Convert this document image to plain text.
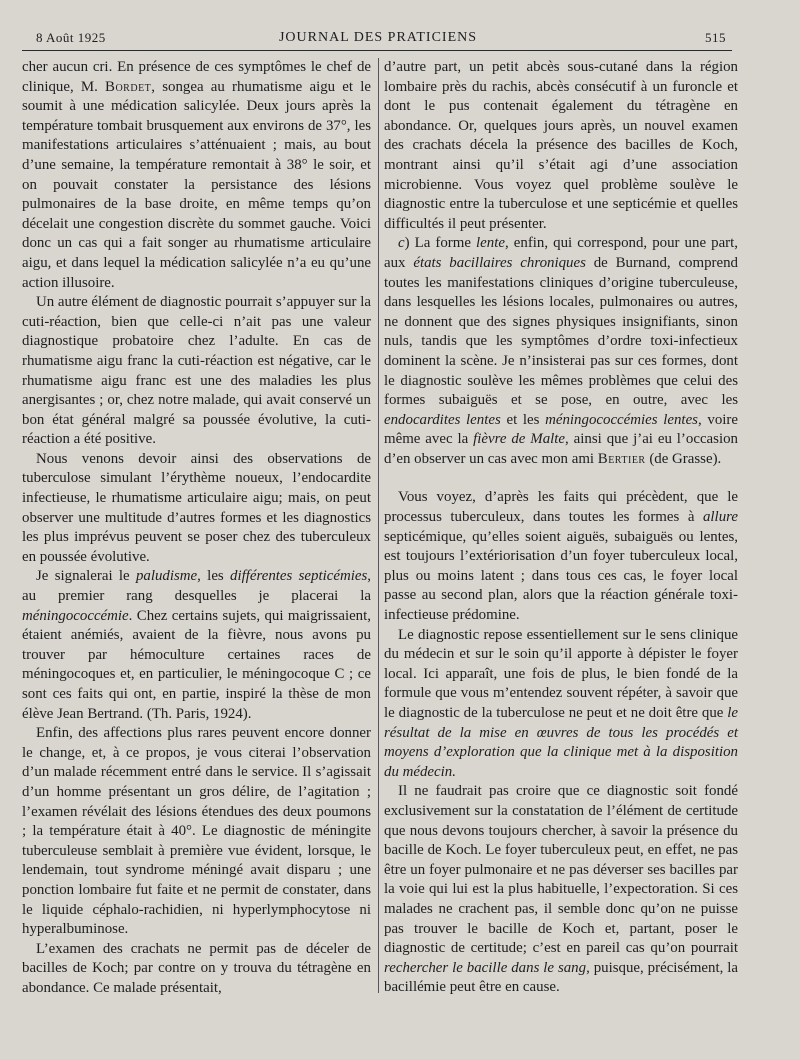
8 Août 1925	JOURNAL DES PRATICIENS	515

cher aucun cri. En présence de ces symptômes le chef de clinique, M. Bordet, songea au rhumatisme aigu et le soumit à une médication salicylée. Deux jours après la température tombait brusquement aux environs de 37°, les manifestations articulaires s’atténuaient ; mais, au bout d’une semaine, la température remontait à 38° le soir, et on pouvait constater la persistance des lésions pulmonaires de la base droite, en même temps qu’on décelait une congestion discrète du sommet gauche. Voici donc un cas qui a fait songer au rhumatisme articulaire aigu, et dans lequel la médication salicylée n’a eu qu’une action illusoire.

Un autre élément de diagnostic pourrait s’appuyer sur la cuti-réaction, bien que celle-ci n’ait pas une valeur diagnostique probatoire chez l’adulte. En cas de rhumatisme aigu franc la cuti-réaction est négative, car le rhumatisme aigu franc est une des maladies les plus anergisantes ; or, chez notre malade, qui avait conservé un bon état général malgré sa poussée évolutive, la cuti-réaction a été positive.

Nous venons devoir ainsi des observations de tuberculose simulant l’érythème noueux, l’endocardite infectieuse, le rhumatisme articulaire aigu; mais, on peut observer une multitude d’autres formes et les diagnostics les plus imprévus peuvent se poser chez des tuberculeux en poussée évolutive.

Je signalerai le paludisme, les différentes septicémies, au premier rang desquelles je placerai la méningococcémie. Chez certains sujets, qui maigrissaient, étaient anémiés, avaient de la fièvre, nous avons pu trouver par hémoculture certaines races de méningocoques et, en particulier, le méningocoque C ; ce sont ces faits qui ont, en partie, inspiré la thèse de mon élève Jean Bertrand. (Th. Paris, 1924).

Enfin, des affections plus rares peuvent encore donner le change, et, à ce propos, je vous citerai l’observation d’un malade récemment entré dans le service. Il s’agissait d’un homme présentant un gros délire, de l’agitation ; l’examen révélait des lésions étendues des deux poumons ; la température était à 40°. Le diagnostic de méningite tuberculeuse semblait à première vue évident, lorsque, le lendemain, tout syndrome méningé avait disparu ; une ponction lombaire fut faite et ne permit de constater, dans le liquide céphalo-rachidien, ni hyperlymphocytose ni hyperalbuminose.

L’examen des crachats ne permit pas de déceler de bacilles de Koch; par contre on y trouva du tétragène en abondance. Ce malade présentait,

d’autre part, un petit abcès sous-cutané dans la région lombaire près du rachis, abcès consécutif à un furoncle et dont le pus contenait également du tétragène en abondance. Or, quelques jours après, un nouvel examen des crachats décela la présence des bacilles de Koch, montrant ainsi qu’il s’était agi d’une association microbienne. Vous voyez quel problème soulève le diagnostic entre la tuberculose et une septicémie et quelles difficultés il peut présenter.

c) La forme lente, enfin, qui correspond, pour une part, aux états bacillaires chroniques de Burnand, comprend toutes les manifestations cliniques d’origine tuberculeuse, dans lesquelles les lésions locales, pulmonaires ou autres, ne donnent que des signes physiques insignifiants, sinon nuls, tandis que les symptômes d’ordre toxi-infectieux dominent la scène. Je n’insisterai pas sur ces formes, dont le diagnostic soulève les mêmes problèmes que celui des formes subaiguës et se pose, en outre, avec les endocardites lentes et les méningococcémies lentes, voire même avec la fièvre de Malte, ainsi que j’ai eu l’occasion d’en observer un cas avec mon ami Bertier (de Grasse).

Vous voyez, d’après les faits qui précèdent, que le processus tuberculeux, dans toutes les formes à allure septicémique, qu’elles soient aiguës, subaiguës ou lentes, est toujours l’extériorisation d’un foyer tuberculeux local, plus ou moins latent ; dans tous ces cas, le foyer local passe au second plan, alors que la réaction générale toxi-infectieuse prédomine.

Le diagnostic repose essentiellement sur le sens clinique du médecin et sur le soin qu’il apporte à dépister le foyer local. Ici apparaît, une fois de plus, le bien fondé de la formule que vous m’entendez souvent répéter, à savoir que le diagnostic de la tuberculose ne peut et ne doit être que le résultat de la mise en œuvres de tous les procédés et moyens d’exploration que la clinique met à la disposition du médecin.

Il ne faudrait pas croire que ce diagnostic soit fondé exclusivement sur la constatation de l’élément de certitude que nous devons toujours chercher, à savoir la présence du bacille de Koch. Le foyer tuberculeux peut, en effet, ne pas être un foyer pulmonaire et ne pas déverser ses bacilles par la voie qui lui est la plus habituelle, l’expectoration. Si ces malades ne crachent pas, il semble donc qu’on ne puisse pas trouver le bacille de Koch et, partant, poser le diagnostic de certitude; c’est en pareil cas qu’on pourrait rechercher le bacille dans le sang, puisque, précisément, la bacillémie peut être en cause.
